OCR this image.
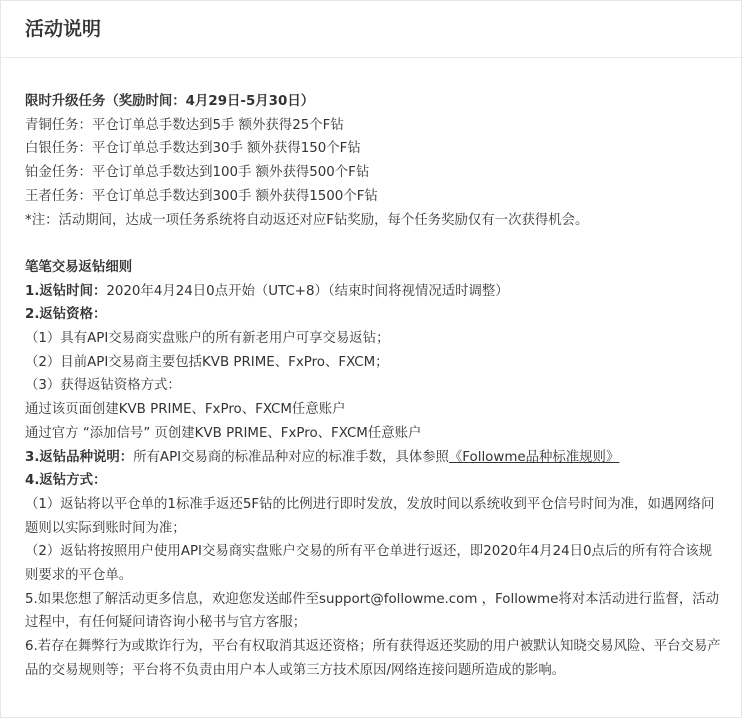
活动说明
限时升级任务（奖励时间：4月29日-5月30日）
青铜任务：平仓订单总手数达到5手 额外获得25个F钻
白银任务：平仓订单总手数达到30手 额外获得150个F钻
铂金任务：平仓订单总手数达到100手 额外获得500个F钻
王者任务：平仓订单总手数达到300手 额外获得1500个F钻
*注：活动期间，达成一项任务系统将自动返还对应F钻奖励，每个任务奖励仅有一次获得机会。
笔笔交易返钻细则
1.返钻时间：2020年4月24日0点开始（UTC+8）（结束时间将视情况适时调整）
2.返钻资格：
（1）具有API交易商实盘账户的所有新老用户可享交易返钻；
（2）目前API交易商主要包括KVB PRIME、FxPro、FXCM；
（3）获得返钻资格方式：
通过该页面创建KVB PRIME、FxPro、FXCM任意账户
通过官方 “添加信号” 页创建KVB PRIME、FxPro、FXCM任意账户
3.返钻品种说明：所有API交易商的标准品种对应的标准手数，具体参照《Followme品种标准规则》
4.返钻方式：
（1）返钻将以平仓单的1标准手返还5F钻的比例进行即时发放，发放时间以系统收到平仓信号时间为准，如遇网络问题则以实际到账时间为准；
（2）返钻将按照用户使用API交易商实盘账户交易的所有平仓单进行返还，即2020年4月24日0点后的所有符合该规则要求的平仓单。
5.如果您想了解活动更多信息，欢迎您发送邮件至support@followme.com ，Followme将对本活动进行监督，活动过程中，有任何疑问请咨询小秘书与官方客服；
6.若存在舞弊行为或欺诈行为，平台有权取消其返还资格；所有获得返还奖励的用户被默认知晓交易风险、平台交易产品的交易规则等；平台将不负责由用户本人或第三方技术原因/网络连接问题所造成的影响。
